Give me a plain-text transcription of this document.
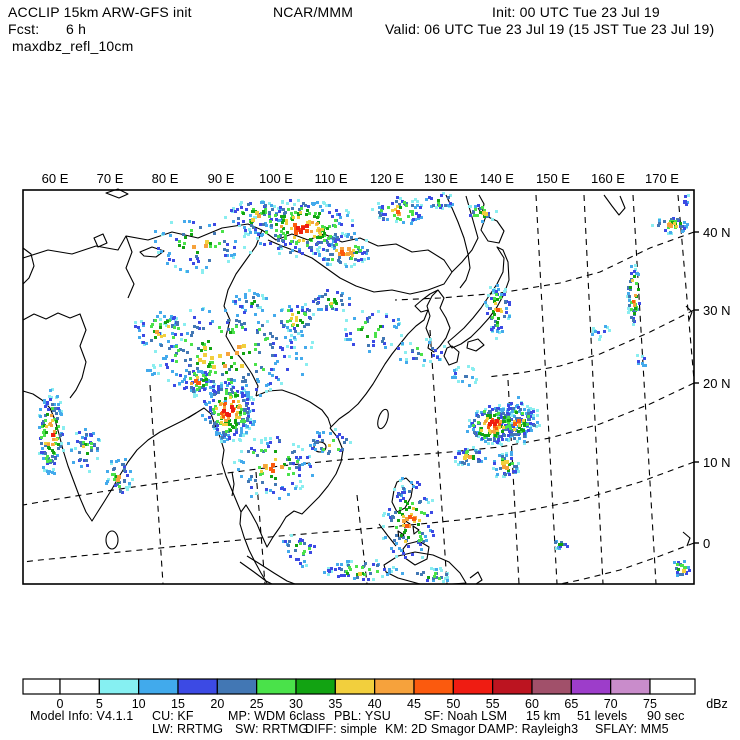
ACCLIP 15km ARW-GFS init	NCAR/MMM	Init: 00 UTC Tue 23 Jul 19
Fcst: 6 h	Valid: 06 UTC Tue 23 Jul 19 (15 JST Tue 23 Jul 19)
maxdbz_refl_10cm
60 E 70 E 80 E 90 E 100 E 110 E 120 E 130 E 140 E 150 E 160 E 170 E
40 N
30 N
20 N
10 N
0
0	5 10 15 20 25 30 35 40 45 50 55 60 65 70 75	dBz
Model Info: V4.1.1 CU: KF	MP: WDM 6class PBL: YSU	SF: Noah LSM 15 km 51 levels 90 sec
LW: RRTMG SW: RRTMG
DIFF: simple KM: 2D Smagor DAMP: Rayleigh3 SFLAY: MM5
